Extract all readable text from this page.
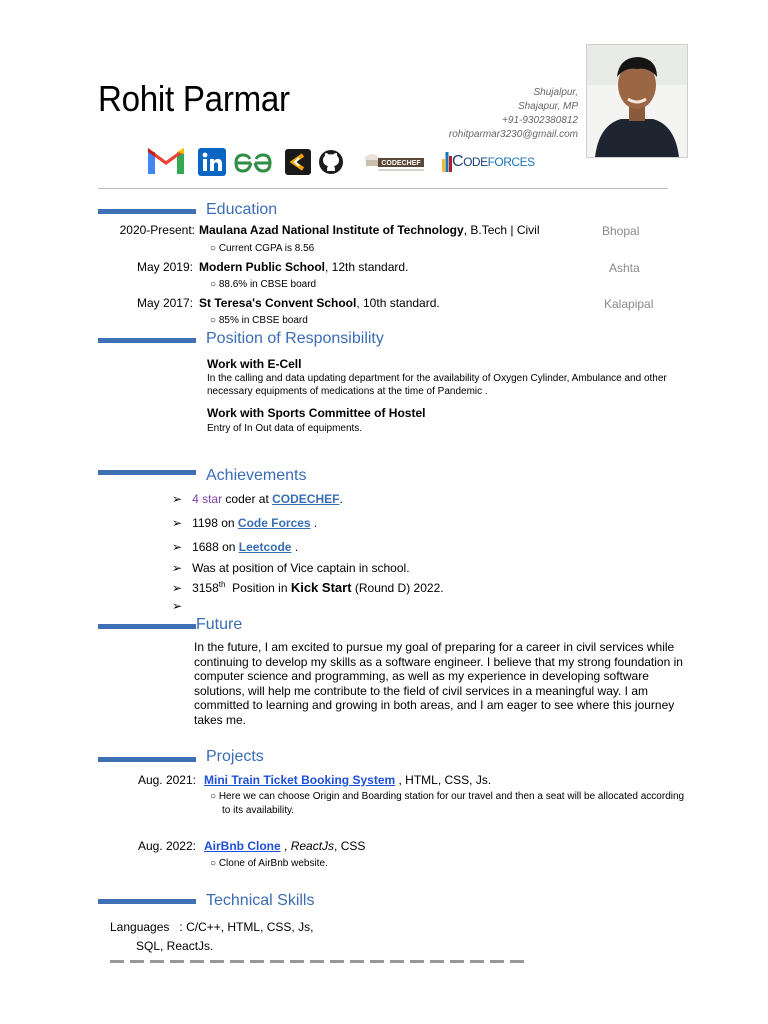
Rohit Parmar	Shujalpur,
Shajapur, MP
+91-9302380812
rohitparmar3230@gmail.com
CODECHEF	CODEFORCES
Education
2020-Present: Maulana Azad National Institute of Technology, B.Tech | Civil	Bhopal
○ Current CGPA is 8.56
May 2019: Modern Public School, 12th standard.	Ashta
○ 88.6% in CBSE board
May 2017: St Teresa's Convent School, 10th standard.	Kalapipal
○ 85% in CBSE board
Position of Responsibility
Work with E-Cell
In the calling and data updating department for the availability of Oxygen Cylinder, Ambulance and other
necessary equipments of medications at the time of Pandemic .
Work with Sports Committee of Hostel
Entry of In Out data of equipments.
Achievements
➢ 4 star coder at CODECHEF.
➢ 1198 on Code Forces .
➢ 1688 on Leetcode .
➢ Was at position of Vice captain in school.
➢ 3158th  Position in Kick Start (Round D) 2022.
➢
Future
In the future, I am excited to pursue my goal of preparing for a career in civil services while
continuing to develop my skills as a software engineer. I believe that my strong foundation in
computer science and programming, as well as my experience in developing software
solutions, will help me contribute to the field of civil services in a meaningful way. I am
committed to learning and growing in both areas, and I am eager to see where this journey
takes me.
Projects
Aug. 2021: Mini Train Ticket Booking System , HTML, CSS, Js.
○ Here we can choose Origin and Boarding station for our travel and then a seat will be allocated according
to its availability.
Aug. 2022: AirBnb Clone , ReactJs, CSS
○ Clone of AirBnb website.
Technical Skills
Languages : C/C++, HTML, CSS, Js,
SQL, ReactJs.
